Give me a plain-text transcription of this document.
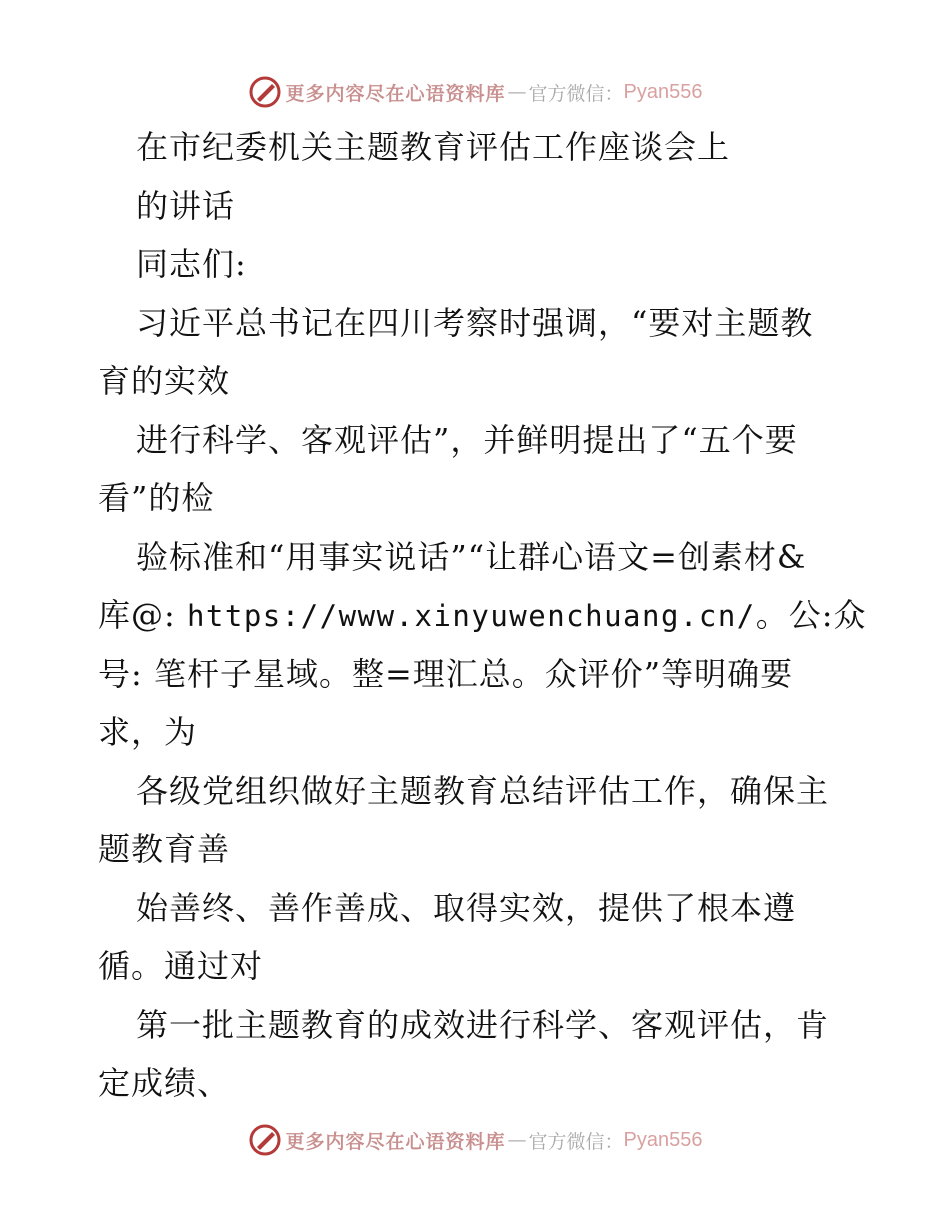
更多内容尽在心语资料库 — 官方微信： Pyan556
在市纪委机关主题教育评估工作座谈会上
的讲话
同志们:
习近平总书记在四川考察时强调，“要对主题教
育的实效
进行科学、客观评估”，并鲜明提出了“五个要
看”的检
验标准和“用事实说话”“让群心语文=创素材&
库@: https://www.xinyuwenchuang.cn/。公:众
号: 笔杆子星域。整=理汇总。众评价”等明确要
求，为
各级党组织做好主题教育总结评估工作，确保主
题教育善
始善终、善作善成、取得实效，提供了根本遵
循。通过对
第一批主题教育的成效进行科学、客观评估，肯
定成绩、
更多内容尽在心语资料库 — 官方微信： Pyan556
